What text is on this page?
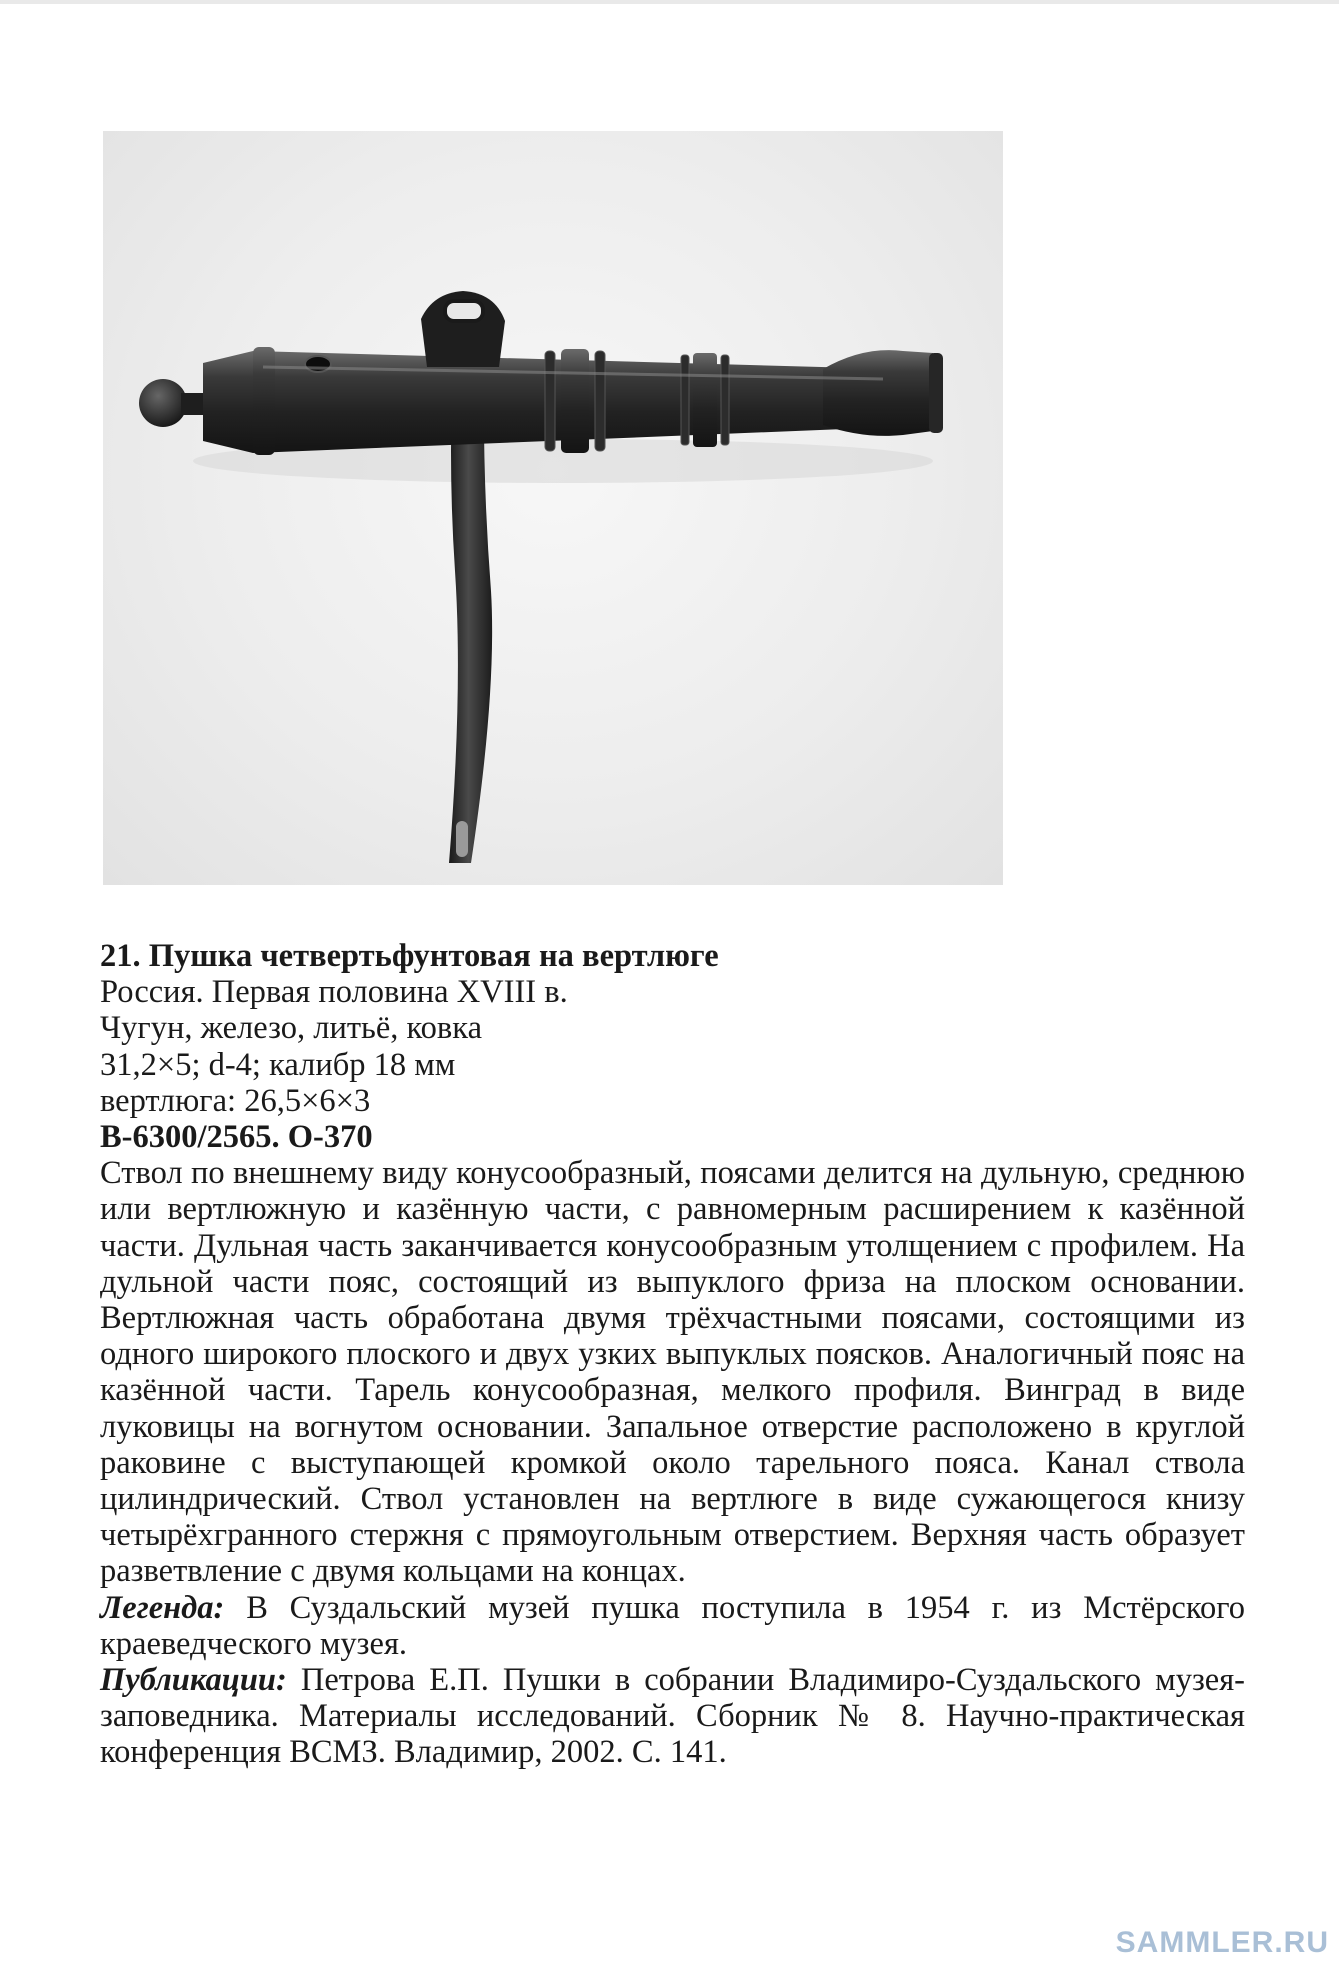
21. Пушка четвертьфунтовая на вертлюге
Россия. Первая половина XVIII в.
Чугун, железо, литьё, ковка
31,2×5; d-4; калибр 18 мм
вертлюга: 26,5×6×3
В-6300/2565. О-370
Ствол по внешнему виду конусообразный, поясами делится на дульную, среднюю или вертлюжную и казённую части, с равномерным расширением к казённой части. Дульная часть заканчивается конусообразным утолщением с профилем. На дульной части пояс, состоящий из выпуклого фриза на плоском основании. Вертлюжная часть обработана двумя трёхчастными поясами, состоящими из одного широкого плоского и двух узких выпуклых поясков. Аналогичный пояс на казённой части. Тарель конусообразная, мелкого профиля. Винград в виде луковицы на вогнутом основании. Запальное отверстие расположено в круглой раковине с выступающей кромкой около тарельного пояса. Канал ствола цилиндрический. Ствол установлен на вертлюге в виде сужающегося книзу четырёхгранного стержня с прямоугольным отверстием. Верхняя часть образует разветвление с двумя кольцами на концах.
Легенда: В Суздальский музей пушка поступила в 1954 г. из Мстёрского краеведческого музея.
Публикации: Петрова Е.П. Пушки в собрании Владимиро-Суздальского музея-заповедника. Материалы исследований. Сборник № 8. Научно-практическая конференция ВСМЗ. Владимир, 2002. С. 141.
SAMMLER.RU
